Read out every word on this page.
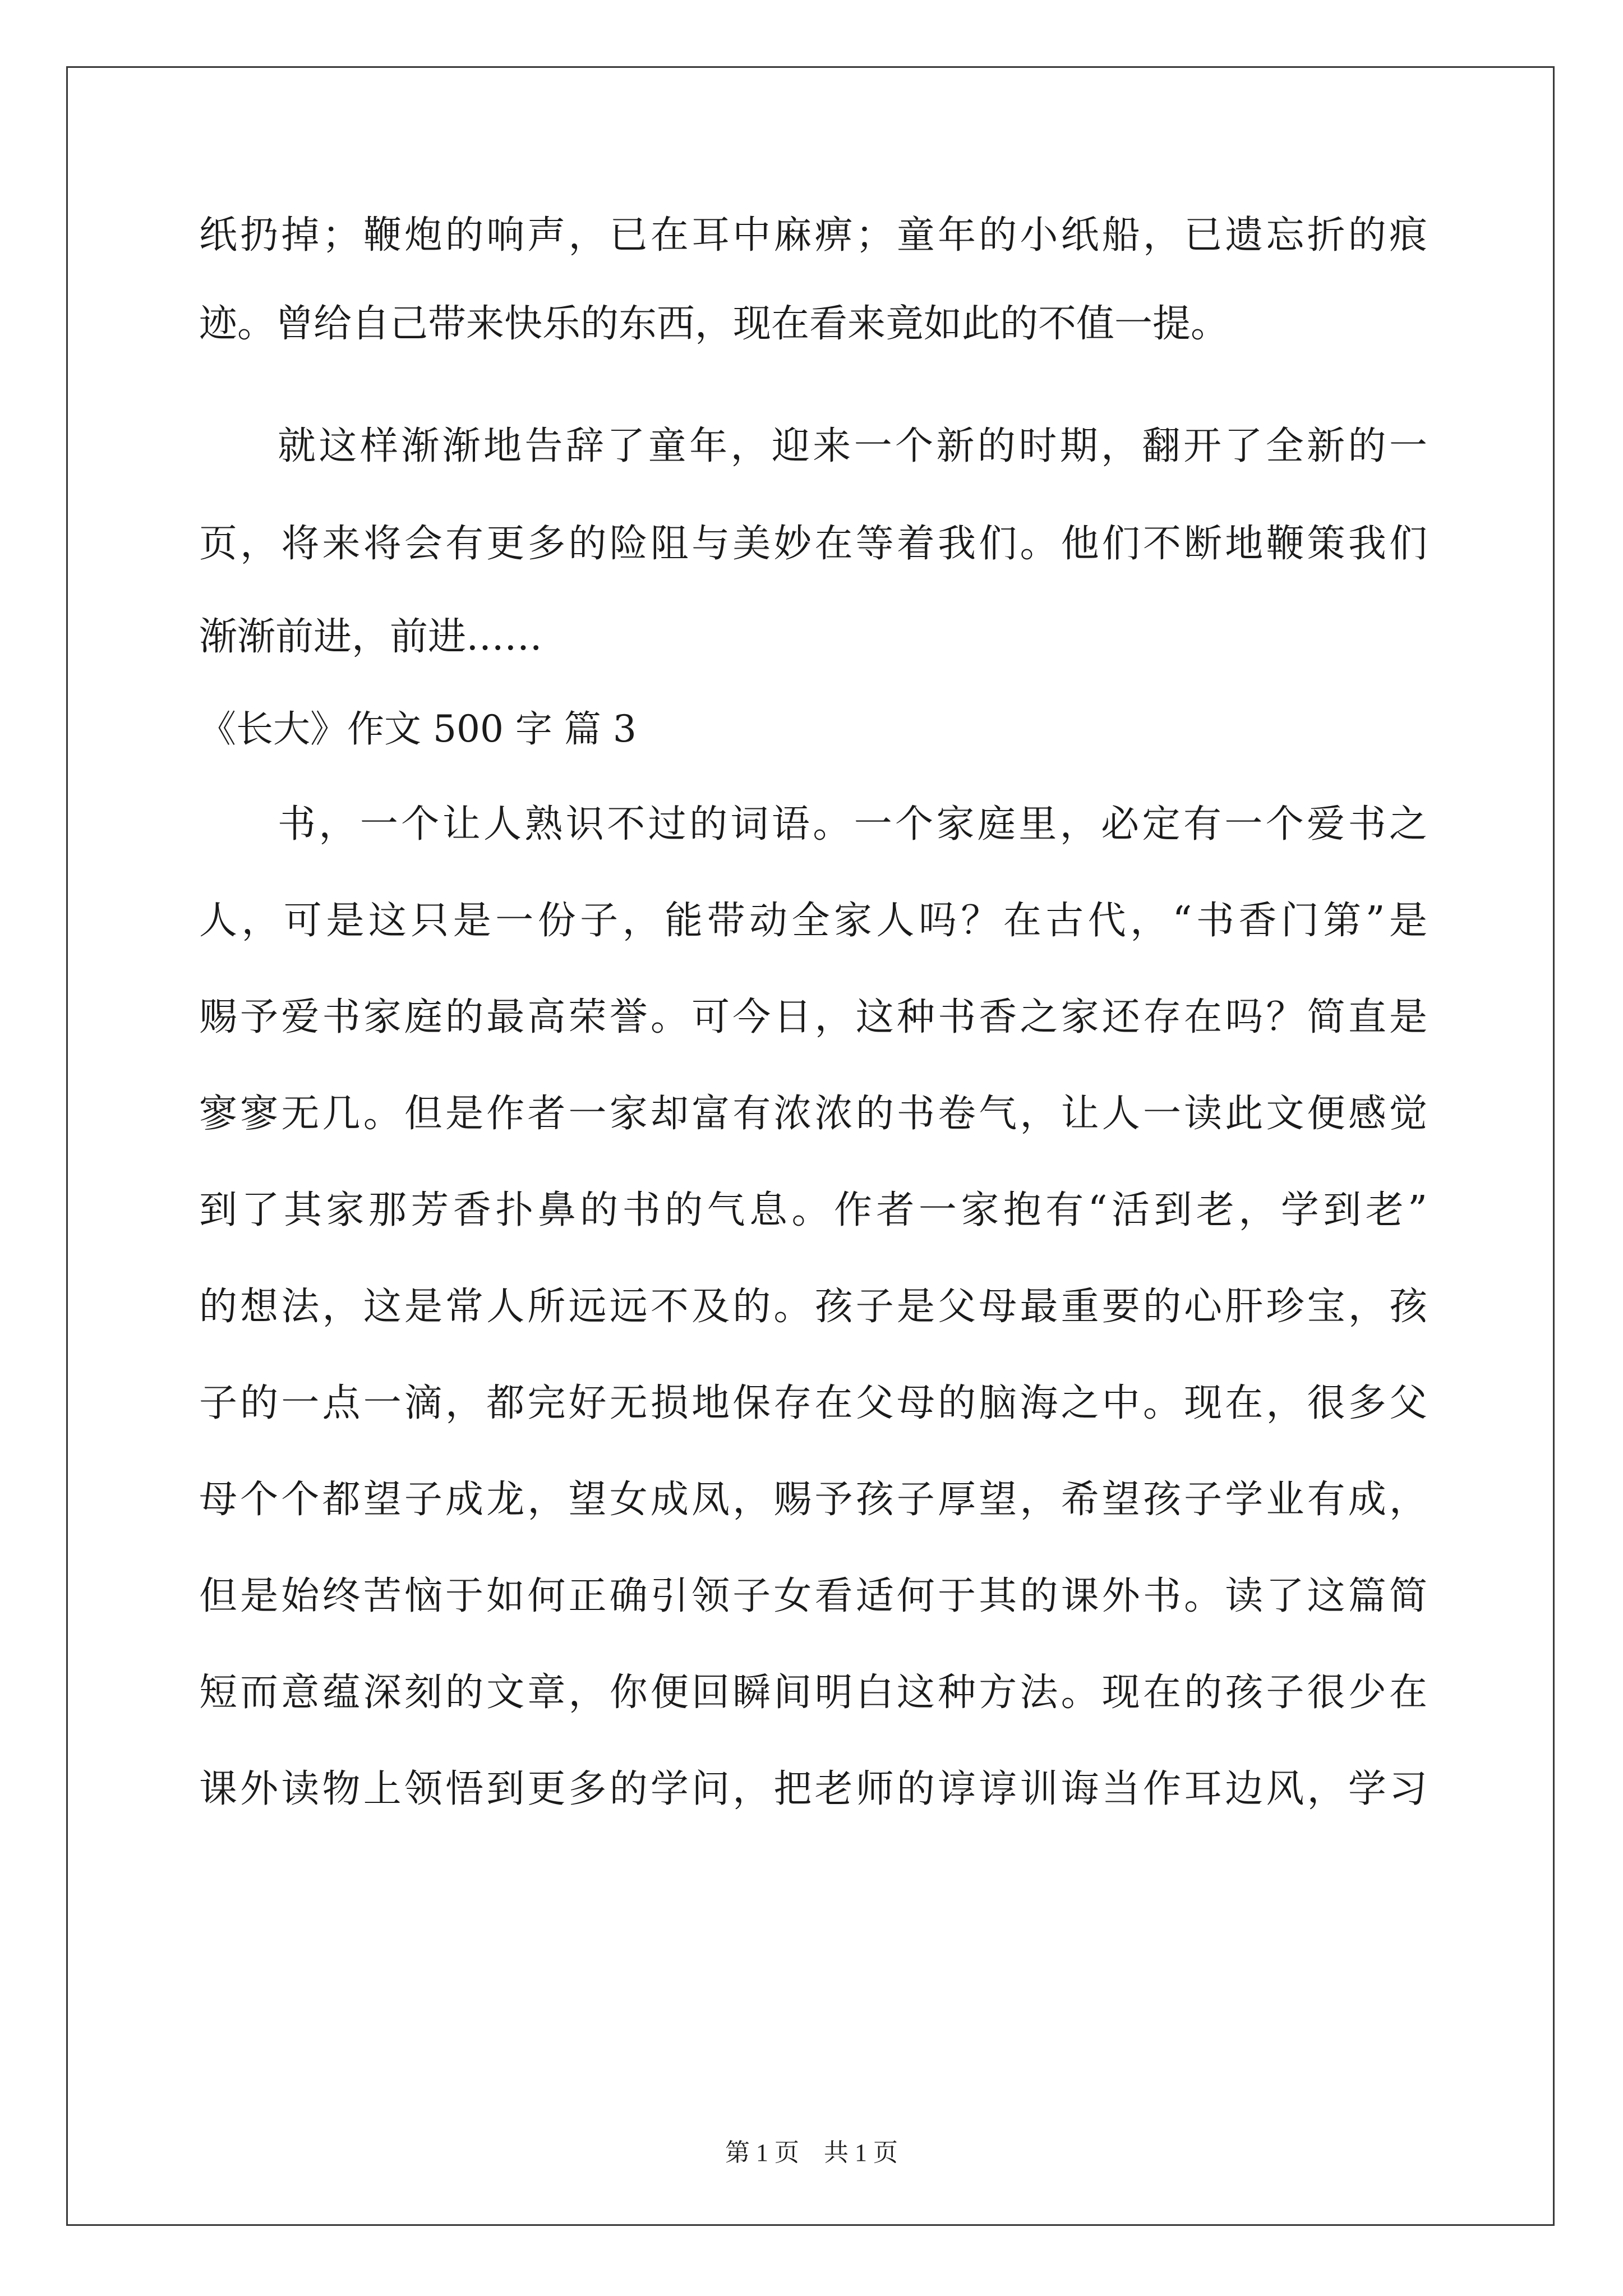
纸扔掉；鞭炮的响声，已在耳中麻痹；童年的小纸船，已遗忘折的痕
迹。曾给自己带来快乐的东西，现在看来竟如此的不值一提。
就这样渐渐地告辞了童年，迎来一个新的时期，翻开了全新的一
页，将来将会有更多的险阻与美妙在等着我们。他们不断地鞭策我们
渐渐前进，前进……
《长大》作文 500 字 篇 3
书，一个让人熟识不过的词语。一个家庭里，必定有一个爱书之
人，可是这只是一份子，能带动全家人吗？在古代，“书香门第”是
赐予爱书家庭的最高荣誉。可今日，这种书香之家还存在吗？简直是
寥寥无几。但是作者一家却富有浓浓的书卷气，让人一读此文便感觉
到了其家那芳香扑鼻的书的气息。作者一家抱有“活到老，学到老”
的想法，这是常人所远远不及的。孩子是父母最重要的心肝珍宝，孩
子的一点一滴，都完好无损地保存在父母的脑海之中。现在，很多父
母个个都望子成龙，望女成凤，赐予孩子厚望，希望孩子学业有成，
但是始终苦恼于如何正确引领子女看适何于其的课外书。读了这篇简
短而意蕴深刻的文章，你便回瞬间明白这种方法。现在的孩子很少在
课外读物上领悟到更多的学问，把老师的谆谆训诲当作耳边风，学习
第 1 页　共 1 页
